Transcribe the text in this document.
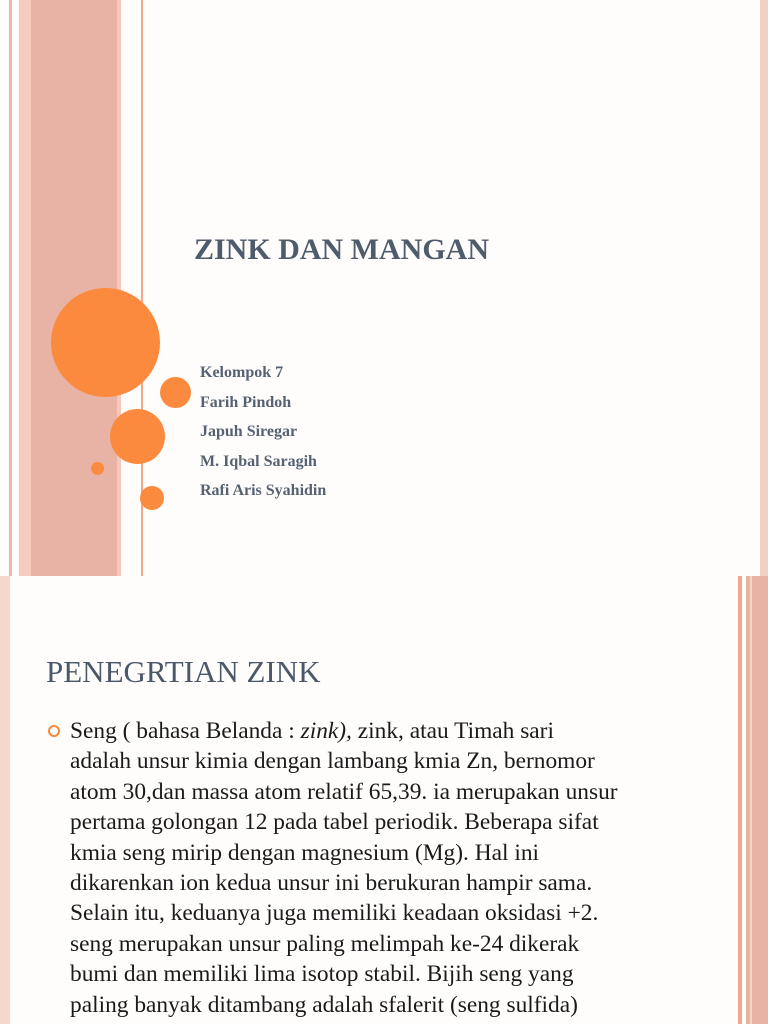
ZINK DAN MANGAN
Kelompok 7
Farih Pindoh
Japuh Siregar
M. Iqbal Saragih
Rafi Aris Syahidin
PENEGRTIAN ZINK

Seng ( bahasa Belanda : zink), zink, atau Timah sari
adalah unsur kimia dengan lambang kmia Zn, bernomor
atom 30,dan massa atom relatif 65,39. ia merupakan unsur
pertama golongan 12 pada tabel periodik. Beberapa sifat
kmia seng mirip dengan magnesium (Mg). Hal ini
dikarenkan ion kedua unsur ini berukuran hampir sama.
Selain itu, keduanya juga memiliki keadaan oksidasi +2.
seng merupakan unsur paling melimpah ke-24 dikerak
bumi dan memiliki lima isotop stabil. Bijih seng yang
paling banyak ditambang adalah sfalerit (seng sulfida)
